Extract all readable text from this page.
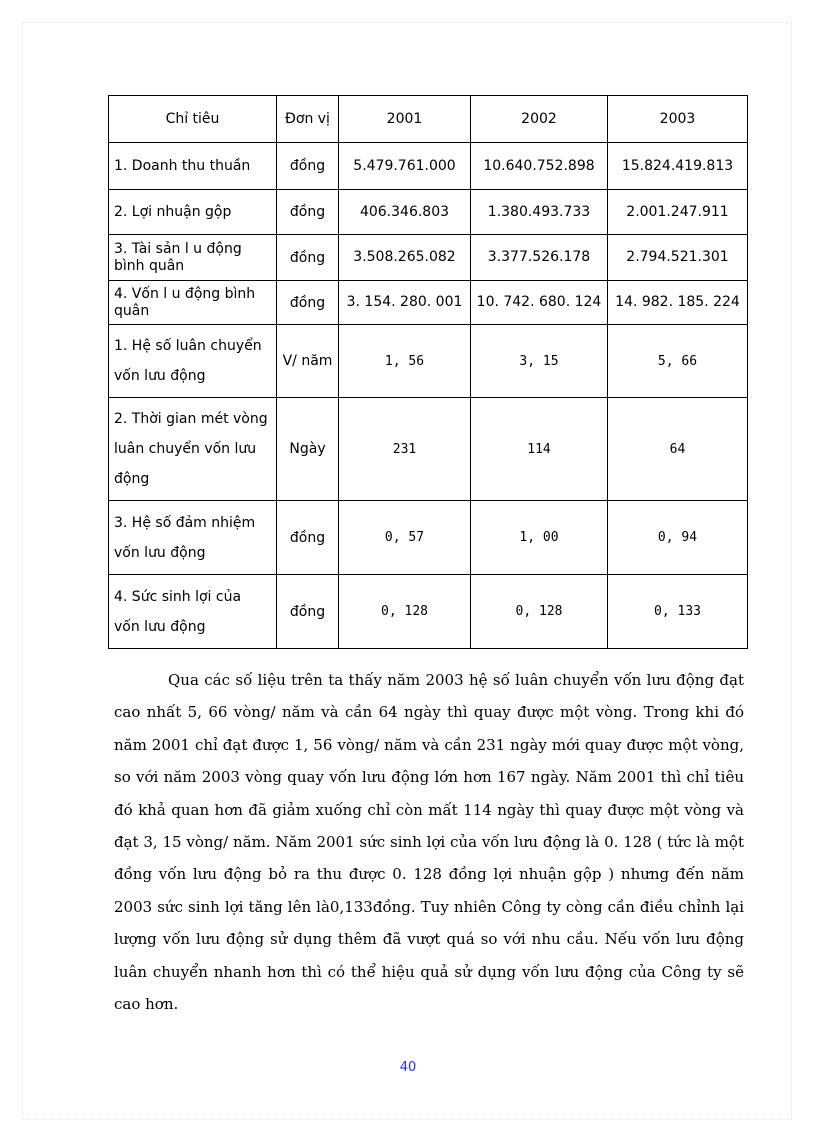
Chỉ tiêu	Đơn vị	2001	2002	2003
1. Doanh thu thuần	đồng	5.479.761.000	10.640.752.898	15.824.419.813
2. Lợi nhuận gộp	đồng	406.346.803	1.380.493.733	2.001.247.911
3. Tài sản l u động bình quân	đồng	3.508.265.082	3.377.526.178	2.794.521.301
4. Vốn l u động bình quân	đồng	3. 154. 280. 001	10. 742. 680. 124	14. 982. 185. 224
1. Hệ số luân chuyển vốn lưu động	V/ năm	1, 56	3, 15	5, 66
2. Thời gian mét vòng luân chuyển vốn lưu động	Ngày	231	114	64
3. Hệ số đảm nhiệm vốn lưu động	đồng	0, 57	1, 00	0, 94
4. Sức sinh lợi của vốn lưu động	đồng	0, 128	0, 128	0, 133

Qua các số liệu trên ta thấy năm 2003 hệ số luân chuyển vốn lưu động đạt cao nhất 5, 66 vòng/ năm và cần 64 ngày thì quay được một vòng. Trong khi đó năm 2001 chỉ đạt được 1, 56 vòng/ năm và cần 231 ngày mới quay được một vòng, so với năm 2003 vòng quay vốn lưu động lớn hơn 167 ngày. Năm 2001 thì chỉ tiêu đó khả quan hơn đã giảm xuống chỉ còn mất 114 ngày thì quay được một vòng và đạt 3, 15 vòng/ năm. Năm 2001 sức sinh lợi của vốn lưu động là 0. 128 ( tức là một đồng vốn lưu động bỏ ra thu được 0. 128 đồng lợi nhuận gộp ) nhưng đến năm 2003 sức sinh lợi tăng lên là0,133đồng. Tuy nhiên Công ty còng cần điều chỉnh lại lượng vốn lưu động sử dụng thêm đã vượt quá so với nhu cầu. Nếu vốn lưu động luân chuyển nhanh hơn thì có thể hiệu quả sử dụng vốn lưu động của Công ty sẽ cao hơn.

40
